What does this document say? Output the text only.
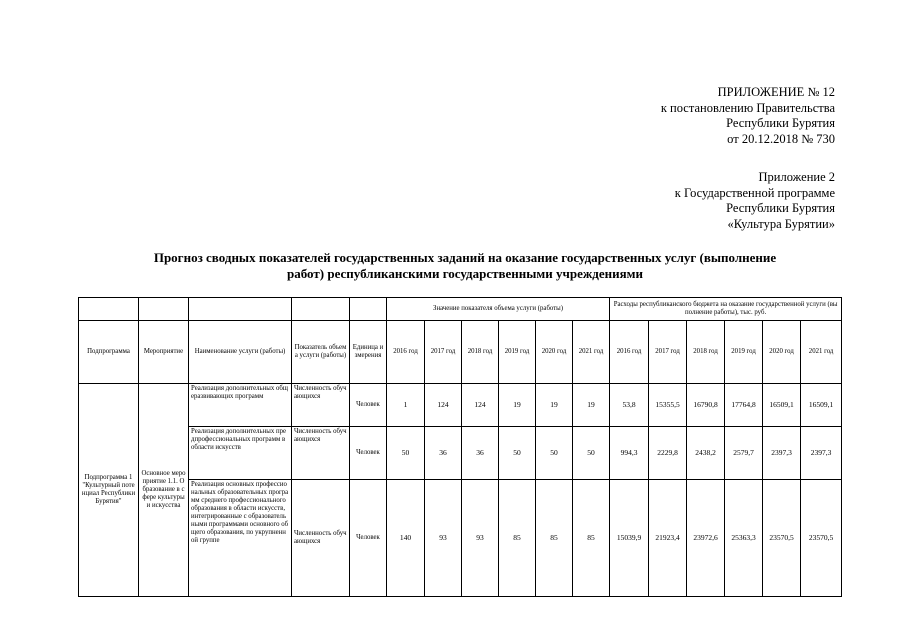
ПРИЛОЖЕНИЕ № 12
к постановлению Правительства
Республики Бурятия
от 20.12.2018 № 730
Приложение 2
к Государственной программе
Республики Бурятия
«Культура Бурятии»
Прогноз сводных показателей государственных заданий на оказание государственных услуг (выполнение
работ) республиканскими государственными учреждениями
					Значение показателя объема услуги (работы)						Расходы республиканского бюджета на оказание государственной услуги (выполнение работы), тыс. руб.					
Подпрограмма	Мероприятие	Наименование услуги (работы)	Показатель объема услуги (работы)	Единица измерения	2016 год	2017 год	2018 год	2019 год	2020 год	2021 год	2016 год	2017 год	2018 год	2019 год	2020 год	2021 год
Подпрограмма 1 "Культурный потенциал Республики Бурятия"	Основное мероприятие 1.1. Образование в сфере культуры и искусства	Реализация дополнительных общеразвивающих программ	Численность обучающихся	Человек	1	124	124	19	19	19	53,8	15355,5	16790,8	17764,8	16509,1	16509,1
		Реализация дополнительных предпрофессиональных программ в области искусств	Численность обучающихся	Человек	50	36	36	50	50	50	994,3	2229,8	2438,2	2579,7	2397,3	2397,3
		Реализация основных профессиональных образовательных программ среднего профессионального образования в области искусств, интегрированные с образовательными программами основного общего образования, по укрупненной группе	Численность обучающихся	Человек	140	93	93	85	85	85	15039,9	21923,4	23972,6	25363,3	23570,5	23570,5
